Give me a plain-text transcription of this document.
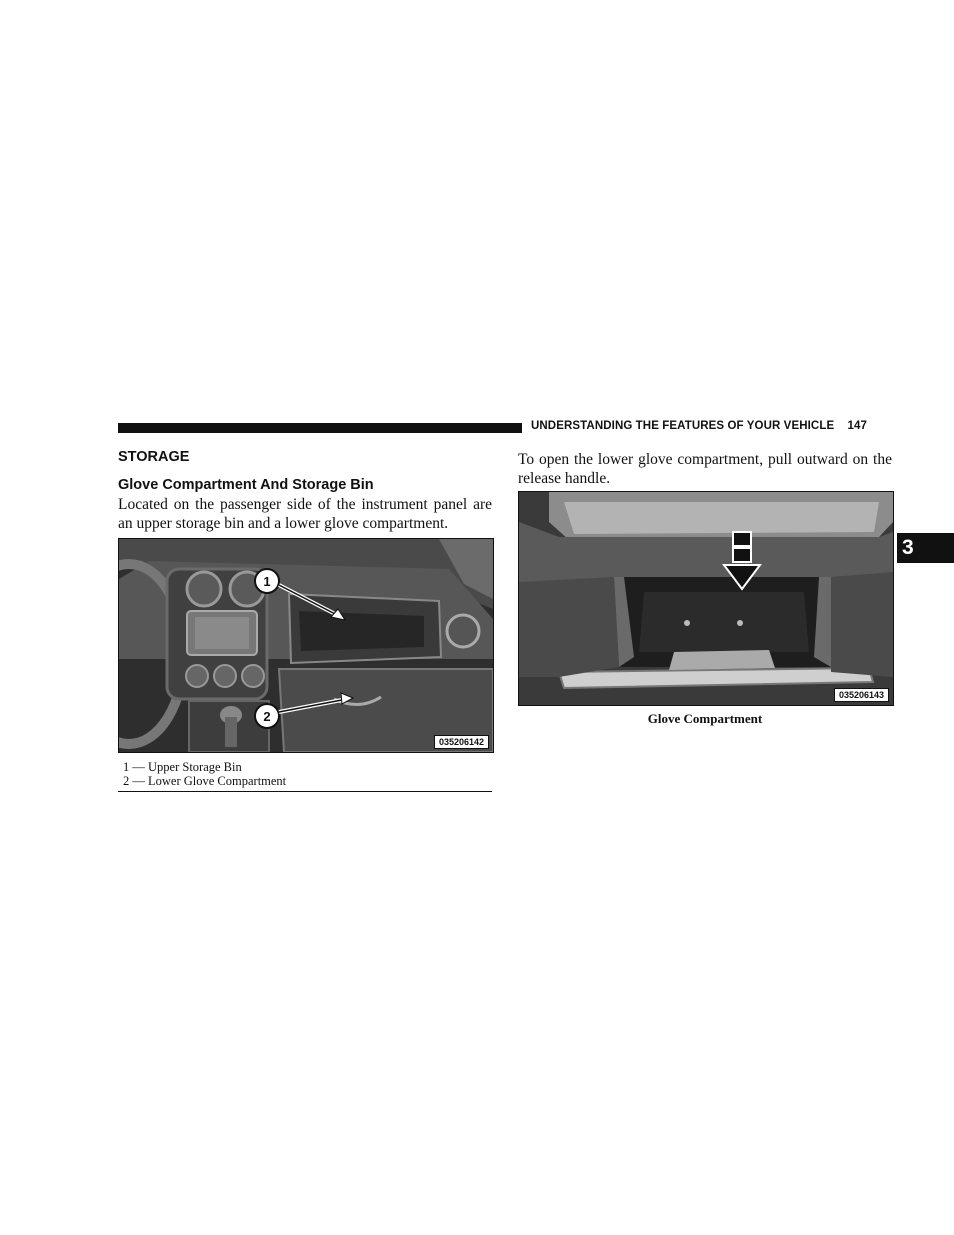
UNDERSTANDING THE FEATURES OF YOUR VEHICLE 147
3
STORAGE
Glove Compartment And Storage Bin
Located on the passenger side of the instrument panel are an upper storage bin and a lower glove compartment.
To open the lower glove compartment, pull outward on the release handle.
1
2
035206142
1 — Upper Storage Bin
2 — Lower Glove Compartment
035206143
Glove Compartment
